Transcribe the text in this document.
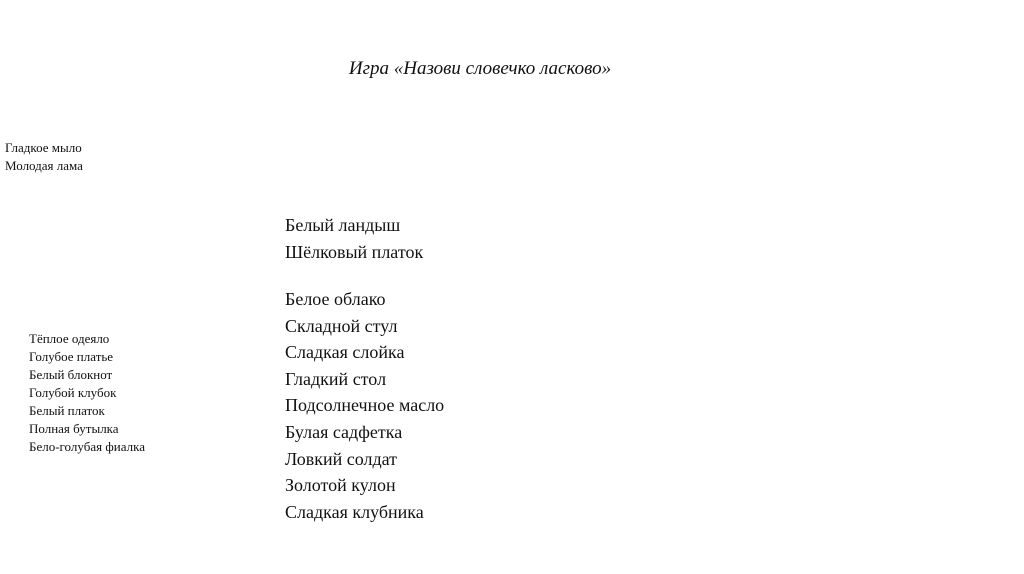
Игра «Назови словечко ласково»
Гладкое мыло
Молодая лама
Тёплое одеяло
Голубое платье
Белый блокнот
Голубой клубок
Белый платок
Полная бутылка
Бело-голубая фиалка
Белый ландыш
Шёлковый платок
Белое облако
Складной стул
Сладкая слойка
Гладкий стол
Подсолнечное масло
Булая садфетка
Ловкий солдат
Золотой кулон
Сладкая клубника
